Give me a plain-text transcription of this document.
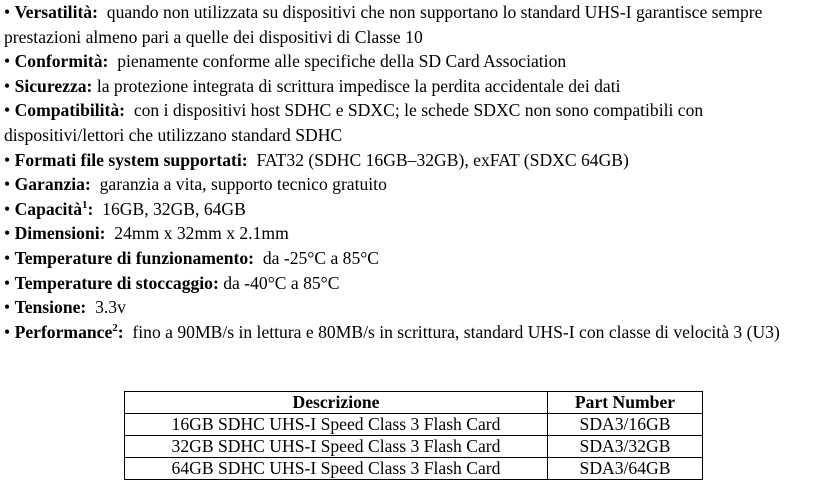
• Versatilità: quando non utilizzata su dispositivi che non supportano lo standard UHS-I garantisce sempre prestazioni almeno pari a quelle dei dispositivi di Classe 10
• Conformità: pienamente conforme alle specifiche della SD Card Association
• Sicurezza: la protezione integrata di scrittura impedisce la perdita accidentale dei dati
• Compatibilità: con i dispositivi host SDHC e SDXC; le schede SDXC non sono compatibili con dispositivi/lettori che utilizzano standard SDHC
• Formati file system supportati: FAT32 (SDHC 16GB–32GB), exFAT (SDXC 64GB)
• Garanzia: garanzia a vita, supporto tecnico gratuito
• Capacità$^1$: 16GB, 32GB, 64GB
• Dimensioni: 24mm x 32mm x 2.1mm
• Temperature di funzionamento: da -25°C a 85°C
• Temperature di stoccaggio: da -40°C a 85°C
• Tensione: 3.3v
• Performance$^2$: fino a 90MB/s in lettura e 80MB/s in scrittura, standard UHS-I con classe di velocità 3 (U3)
Descrizione	Part Number
16GB SDHC UHS-I Speed Class 3 Flash Card	SDA3/16GB
32GB SDHC UHS-I Speed Class 3 Flash Card	SDA3/32GB
64GB SDHC UHS-I Speed Class 3 Flash Card	SDA3/64GB
